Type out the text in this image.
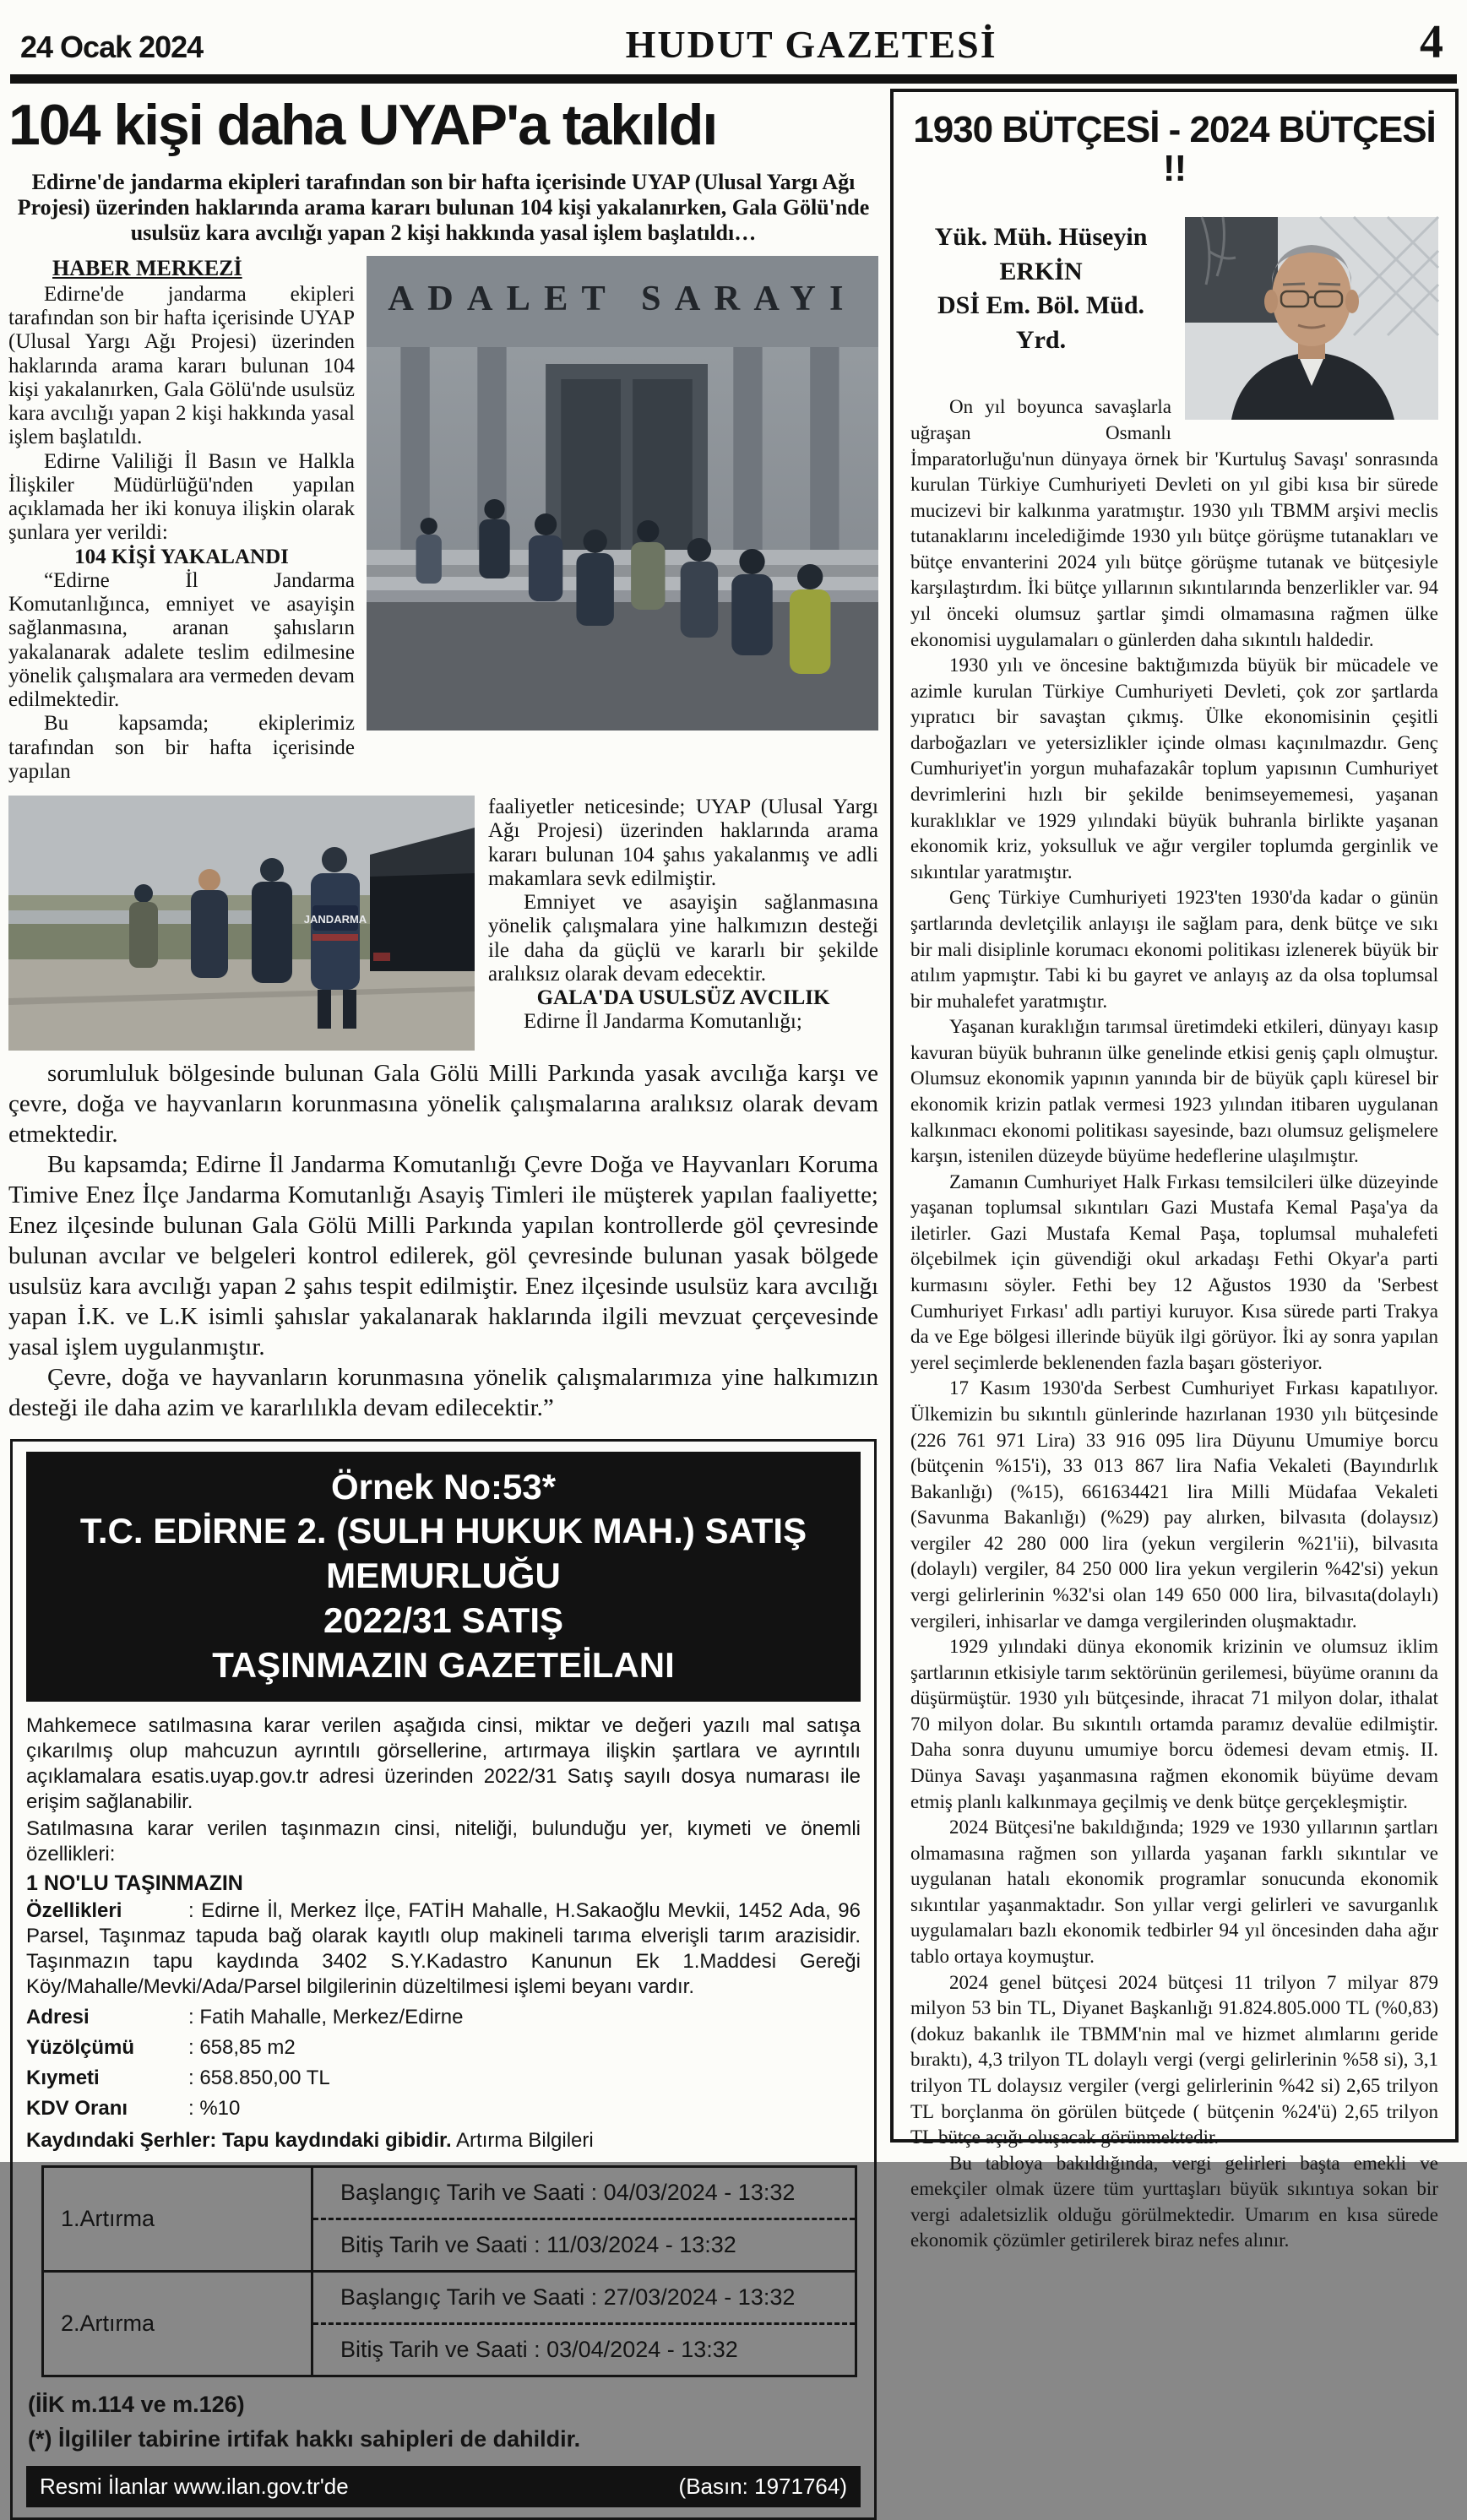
24 Ocak 2024	HUDUT GAZETESİ	4
104 kişi daha UYAP'a takıldı
Edirne'de jandarma ekipleri tarafından son bir hafta içerisinde UYAP (Ulusal Yargı Ağı Projesi) üzerinden haklarında arama kararı bulunan 104 kişi yakalanırken, Gala Gölü'nde usulsüz kara avcılığı yapan 2 kişi hakkında yasal işlem başlatıldı…
HABER MERKEZİ

Edirne'de jandarma ekipleri tarafından son bir hafta içerisinde UYAP (Ulusal Yargı Ağı Projesi) üzerinden haklarında arama kararı bulunan 104 kişi yakalanırken, Gala Gölü'nde usulsüz kara avcılığı yapan 2 kişi hakkında yasal işlem başlatıldı.

Edirne Valiliği İl Basın ve Halkla İlişkiler Müdürlüğü'nden yapılan açıklamada her iki konuya ilişkin olarak şunlara yer verildi:

104 KİŞİ YAKALANDI

“Edirne İl Jandarma Komutanlığınca, emniyet ve asayişin sağlanmasına, aranan şahısların yakalanarak adalete teslim edilmesine yönelik çalışmalara ara vermeden devam edilmektedir.

Bu kapsamda; ekiplerimiz tarafından son bir hafta içerisinde yapılan

ADALET SARAYI
JANDARMA

faaliyetler neticesinde; UYAP (Ulusal Yargı Ağı Projesi) üzerinden haklarında arama kararı bulunan 104 şahıs yakalanmış ve adli makamlara sevk edilmiştir.

Emniyet ve asayişin sağlanmasına yönelik çalışmalara yine halkımızın desteği ile daha da güçlü ve kararlı bir şekilde aralıksız olarak devam edecektir.

GALA'DA USULSÜZ AVCILIK

Edirne İl Jandarma Komutanlığı;

sorumluluk bölgesinde bulunan Gala Gölü Milli Parkında yasak avcılığa karşı ve çevre, doğa ve hayvanların korunmasına yönelik çalışmalarına aralıksız olarak devam etmektedir.

Bu kapsamda; Edirne İl Jandarma Komutanlığı Çevre Doğa ve Hayvanları Koruma Timive Enez İlçe Jandarma Komutanlığı Asayiş Timleri ile müşterek yapılan faaliyette; Enez ilçesinde bulunan Gala Gölü Milli Parkında yapılan kontrollerde göl çevresinde bulunan avcılar ve belgeleri kontrol edilerek, göl çevresinde bulunan yasak bölgede usulsüz kara avcılığı yapan 2 şahıs tespit edilmiştir. Enez ilçesinde usulsüz kara avcılığı yapan İ.K. ve L.K isimli şahıslar yakalanarak haklarında ilgili mevzuat çerçevesinde yasal işlem uygulanmıştır.

Çevre, doğa ve hayvanların korunmasına yönelik çalışmalarımıza yine halkımızın desteği ile daha azim ve kararlılıkla devam edilecektir.”

Örnek No:53*
T.C. EDİRNE 2. (SULH HUKUK MAH.) SATIŞ MEMURLUĞU
2022/31 SATIŞ
TAŞINMAZIN GAZETEİLANI
Mahkemece satılmasına karar verilen aşağıda cinsi, miktar ve değeri yazılı mal satışa çıkarılmış olup mahcuzun ayrıntılı görsellerine, artırmaya ilişkin şartlara ve ayrıntılı açıklamalara esatis.uyap.gov.tr adresi üzerinden 2022/31 Satış sayılı dosya numarası ile erişim sağlanabilir.
Satılmasına karar verilen taşınmazın cinsi, niteliği, bulunduğu yer, kıymeti ve önemli özellikleri:
1 NO'LU TAŞINMAZIN
Özellikleri	: Edirne İl, Merkez İlçe, FATİH Mahalle, H.Sakaoğlu Mevkii, 1452 Ada, 96 Parsel, Taşınmaz tapuda bağ olarak kayıtlı olup makineli tarıma elverişli tarım arazisidir. Taşınmazın tapu kaydında 3402 S.Y.Kadastro Kanunun Ek 1.Maddesi Gereği Köy/Mahalle/Mevki/Ada/Parsel bilgilerinin düzeltilmesi işlemi beyanı vardır.
Adresi	: Fatih Mahalle, Merkez/Edirne
Yüzölçümü	: 658,85 m2
Kıymeti	: 658.850,00 TL
KDV Oranı	: %10
Kaydındaki Şerhler: Tapu kaydındaki gibidir. Artırma Bilgileri
1.Artırma
Başlangıç Tarih ve Saati : 04/03/2024 - 13:32
Bitiş Tarih ve Saati : 11/03/2024 - 13:32
2.Artırma
Başlangıç Tarih ve Saati : 27/03/2024 - 13:32
Bitiş Tarih ve Saati : 03/04/2024 - 13:32
(İİK m.114 ve m.126)
(*) İlgililer tabirine irtifak hakkı sahipleri de dahildir.
Resmi İlanlar www.ilan.gov.tr'de	(Basın: 1971764)
1930 BÜTÇESİ - 2024 BÜTÇESİ !!
Yük. Müh. Hüseyin ERKİN
DSİ Em. Böl. Müd. Yrd.

On yıl boyunca savaşlarla uğraşan Osmanlı İmparatorluğu'nun dünyaya örnek bir 'Kurtuluş Savaşı' sonrasında kurulan Türkiye Cumhuriyeti Devleti on yıl gibi kısa bir sürede mucizevi bir kalkınma yaratmıştır. 1930 yılı TBMM arşivi meclis tutanaklarını incelediğimde 1930 yılı bütçe görüşme tutanakları ve bütçe envanterini 2024 yılı bütçe görüşme tutanak ve bütçesiyle karşılaştırdım. İki bütçe yıllarının sıkıntılarında benzerlikler var. 94 yıl önceki olumsuz şartlar şimdi olmamasına rağmen ülke ekonomisi uygulamaları o günlerden daha sıkıntılı haldedir.

1930 yılı ve öncesine baktığımızda büyük bir mücadele ve azimle kurulan Türkiye Cumhuriyeti Devleti, çok zor şartlarda yıpratıcı bir savaştan çıkmış. Ülke ekonomisinin çeşitli darboğazları ve yetersizlikler içinde olması kaçınılmazdır. Genç Cumhuriyet'in yorgun muhafazakâr toplum yapısının Cumhuriyet devrimlerini hızlı bir şekilde benimseyememesi, yaşanan kuraklıklar ve 1929 yılındaki büyük buhranla birlikte yaşanan ekonomik kriz, yoksulluk ve ağır vergiler toplumda gerginlik ve sıkıntılar yaratmıştır.

Genç Türkiye Cumhuriyeti 1923'ten 1930'da kadar o günün şartlarında devletçilik anlayışı ile sağlam para, denk bütçe ve sıkı bir mali disiplinle korumacı ekonomi politikası izlenerek büyük bir atılım yapmıştır. Tabi ki bu gayret ve anlayış az da olsa toplumsal bir muhalefet yaratmıştır.

Yaşanan kuraklığın tarımsal üretimdeki etkileri, dünyayı kasıp kavuran büyük buhranın ülke genelinde etkisi geniş çaplı olmuştur. Olumsuz ekonomik yapının yanında bir de büyük çaplı küresel bir ekonomik krizin patlak vermesi 1923 yılından itibaren uygulanan kalkınmacı ekonomi politikası sayesinde, bazı olumsuz gelişmelere karşın, istenilen düzeyde büyüme hedeflerine ulaşılmıştır.

Zamanın Cumhuriyet Halk Fırkası temsilcileri ülke düzeyinde yaşanan toplumsal sıkıntıları Gazi Mustafa Kemal Paşa'ya da iletirler. Gazi Mustafa Kemal Paşa, toplumsal muhalefeti ölçebilmek için güvendiği okul arkadaşı Fethi Okyar'a parti kurmasını söyler. Fethi bey 12 Ağustos 1930 da 'Serbest Cumhuriyet Fırkası' adlı partiyi kuruyor. Kısa sürede parti Trakya da ve Ege bölgesi illerinde büyük ilgi görüyor. İki ay sonra yapılan yerel seçimlerde beklenenden fazla başarı gösteriyor.

17 Kasım 1930'da Serbest Cumhuriyet Fırkası kapatılıyor. Ülkemizin bu sıkıntılı günlerinde hazırlanan 1930 yılı bütçesinde (226 761 971 Lira) 33 916 095 lira Düyunu Umumiye borcu (bütçenin %15'i), 33 013 867 lira Nafia Vekaleti (Bayındırlık Bakanlığı) (%15), 661634421 lira Milli Müdafaa Vekaleti (Savunma Bakanlığı) (%29) pay alırken, bilvasıta (dolaysız) vergiler 42 280 000 lira (yekun vergilerin %21'ii), bilvasıta (dolaylı) vergiler, 84 250 000 lira yekun vergilerin %42'si) yekun vergi gelirlerinin %32'si olan 149 650 000 lira, bilvasıta(dolaylı) vergileri, inhisarlar ve damga vergilerinden oluşmaktadır.

1929 yılındaki dünya ekonomik krizinin ve olumsuz iklim şartlarının etkisiyle tarım sektörünün gerilemesi, büyüme oranını da düşürmüştür. 1930 yılı bütçesinde, ihracat 71 milyon dolar, ithalat 70 milyon dolar. Bu sıkıntılı ortamda paramız devalüe edilmiştir. Daha sonra duyunu umumiye borcu ödemesi devam etmiş. II. Dünya Savaşı yaşanmasına rağmen ekonomik büyüme devam etmiş planlı kalkınmaya geçilmiş ve denk bütçe gerçekleşmiştir.

2024 Bütçesi'ne bakıldığında; 1929 ve 1930 yıllarının şartları olmamasına rağmen son yıllarda yaşanan farklı sıkıntılar ve uygulanan hatalı ekonomik programlar sonucunda ekonomik sıkıntılar yaşanmaktadır. Son yıllar vergi gelirleri ve savurganlık uygulamaları bazlı ekonomik tedbirler 94 yıl öncesinden daha ağır tablo ortaya koymuştur.

2024 genel bütçesi 2024 bütçesi 11 trilyon 7 milyar 879 milyon 53 bin TL, Diyanet Başkanlığı 91.824.805.000 TL (%0,83) (dokuz bakanlık ile TBMM'nin mal ve hizmet alımlarını geride bıraktı), 4,3 trilyon TL dolaylı vergi (vergi gelirlerinin %58 si), 3,1 trilyon TL dolaysız vergiler (vergi gelirlerinin %42 si) 2,65 trilyon TL borçlanma ön görülen bütçede ( bütçenin %24'ü) 2,65 trilyon TL bütçe açığı oluşacak görünmektedir.

Bu tabloya bakıldığında, vergi gelirleri başta emekli ve emekçiler olmak üzere tüm yurttaşları büyük sıkıntıya sokan bir vergi adaletsizlik olduğu görülmektedir. Umarım en kısa sürede ekonomik çözümler getirilerek biraz nefes alınır.
